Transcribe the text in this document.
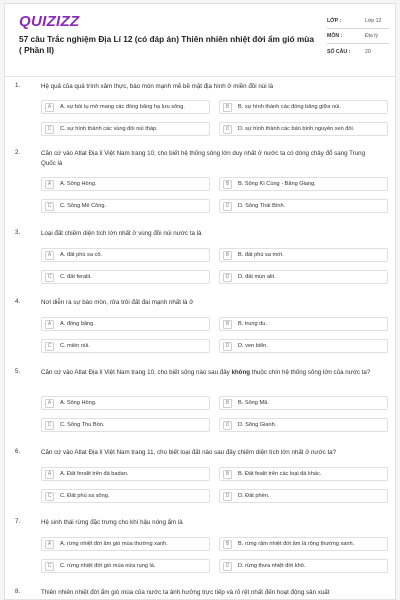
QUIZIZZ
57 câu Trắc nghiệm Địa Lí 12 (có đáp án) Thiên nhiên nhiệt đới ẩm gió mùa ( Phần II)
LỚP :	Lớp 12
MÔN :	Địa lý
SỐ CÂU :	20
1.	Hệ quả của quá trình xâm thực, bào mòn mạnh mẽ bề mặt địa hình ở miền đồi núi là
A	A. sự bồi tụ mở mang các đồng bằng hạ lưu sông.	B	B. sự hình thành các đồng bằng giữa núi.
C	C. sự hình thành các vùng đồi núi thấp.	D	D. sự hình thành các bán bình nguyên xen đồi.
2.	Căn cứ vào Atlat Địa lí Việt Nam trang 10, cho biết hệ thống sông lớn duy nhất ở nước ta có dòng chảy đổ sang Trung Quốc là
A	A. Sông Hồng.	B	B. Sông Kì Cùng - Bằng Giang.
C	C. Sông Mê Công.	D	D. Sông Thái Bình.
3.	Loại đất chiếm diện tích lớn nhất ở vùng đồi núi nước ta là
A	A. đất phù sa cổ.	B	B. đất phù sa mới.
C	C. đất feralit.	D	D. đất mùn alit.
4.	Nơi diễn ra sự bào mòn, rửa trôi đất đai mạnh nhất là ở
A	A. đồng bằng.	B	B. trung du.
C	C. miền núi.	D	D. ven biển.
5.	Căn cứ vào Atlat Địa lí Việt Nam trang 10, cho biết sông nào sau đây không thuộc chín hệ thống sông lớn của nước ta?
A	A. Sông Hồng.	B	B. Sông Mã.
C	C. Sông Thu Bồn.	D	D. Sông Gianh.
6.	Căn cứ vào Atlat Địa lí Việt Nam trang 11, cho biết loại đất nào sau đây chiếm diện tích lớn nhất ở nước ta?
A	A. Đất feralit trên đá badan.	B	B. Đất fealit trên các loại đá khác.
C	C. Đất phù sa sông.	D	D. Đất phèn.
7.	Hệ sinh thái rừng đặc trưng cho khí hậu nóng ẩm là
A	A. rừng nhiệt đới ẩm gió mùa thường xanh.	B	B. rừng rậm nhiệt đới ẩm lá rộng thường xanh.
C	C. rừng nhiệt đới gió mùa nửa rụng lá.	D	D. rừng thưa nhiệt đới khô.
8.	Thiên nhiên nhiệt đới ẩm gió mùa của nước ta ảnh hưởng trực tiếp và rõ rệt nhất đến hoạt động sản xuất
